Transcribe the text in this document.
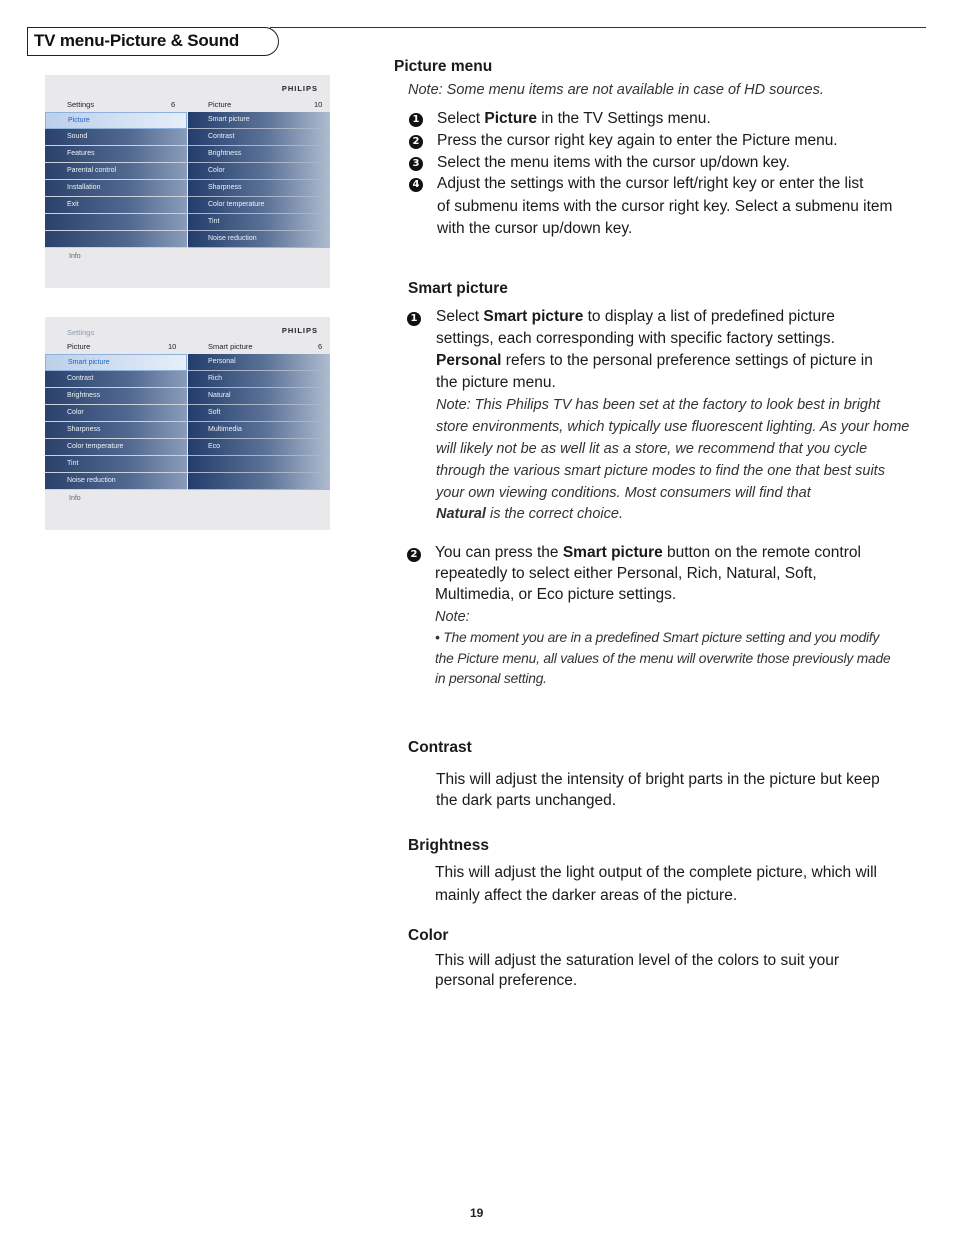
TV menu-Picture & Sound
PHILIPS
Settings	6	Picture	10
Picture
Sound
Features
Parental control
Installation
Exit
Smart picture
Contrast
Brightness
Color
Sharpness
Color temperature
Tint
Noise reduction
Info
PHILIPS
Settings
Picture	10	Smart picture	6
Smart picture
Contrast
Brightness
Color
Sharpness
Color temperature
Tint
Noise reduction
Personal
Rich
Natural
Soft
Multimedia
Eco
Info
Picture menu
Note: Some menu items are not available in case of HD sources.
1 Select Picture in the TV Settings menu.
2 Press the cursor right key again to enter the Picture menu.
3 Select the menu items with the cursor up/down key.
4 Adjust the settings with the cursor left/right key or enter the list
of submenu items with the cursor right key. Select a submenu item
with the cursor up/down key.
Smart picture
1 Select Smart picture to display a list of predefined picture
settings, each corresponding with specific factory settings.
Personal refers to the personal preference settings of picture in
the picture menu.
Note: This Philips TV has been set at the factory to look best in bright
store environments, which typically use fluorescent lighting. As your home
will likely not be as well lit as a store, we recommend that you cycle
through the various smart picture modes to find the one that best suits
your own viewing conditions. Most consumers will find that
Natural is the correct choice.
2 You can press the Smart picture button on the remote control
repeatedly to select either Personal, Rich, Natural, Soft,
Multimedia, or Eco picture settings.
Note:
• The moment you are in a predefined Smart picture setting and you modify
the Picture menu, all values of the menu will overwrite those previously made
in personal setting.
Contrast
This will adjust the intensity of bright parts in the picture but keep
the dark parts unchanged.
Brightness
This will adjust the light output of the complete picture, which will
mainly affect the darker areas of the picture.
Color
This will adjust the saturation level of the colors to suit your
personal preference.
19
